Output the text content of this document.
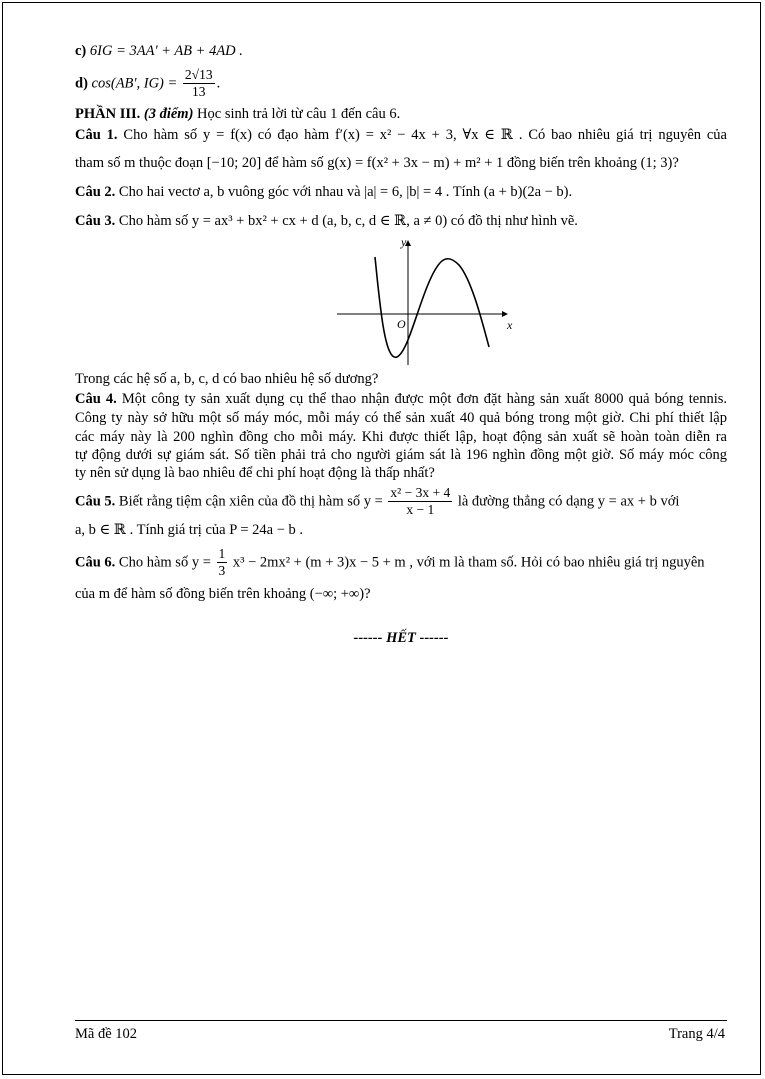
c) 6IG = 3AA' + AB + 4AD .
d) cos(AB', $IG) = \frac{2√13}{13}$ .
PHẦN III. (3 điểm) Học sinh trả lời từ câu 1 đến câu 6.
Câu 1. Cho hàm số y = f(x) có đạo hàm f′(x) = x² − 4x + 3, ∀x ∈ ℝ . Có bao nhiêu giá trị nguyên của
tham số m thuộc đoạn [−10; 20] để hàm số g(x) = f(x² + 3x − m) + m² + 1 đồng biến trên khoảng (1; 3)?
Câu 2. Cho hai vectơ a, b vuông góc với nhau và |a| = 6, |b| = 4 . Tính (a + b)(2a − b).
Câu 3. Cho hàm số y = ax³ + bx² + cx + d (a, b, c, d ∈ ℝ, a ≠ 0) có đồ thị như hình vẽ.
Trong các hệ số a, b, c, d có bao nhiêu hệ số dương?
Câu 4. Một công ty sản xuất dụng cụ thể thao nhận được một đơn đặt hàng sản xuất 8000 quả bóng tennis.
Công ty này sở hữu một số máy móc, mỗi máy có thể sản xuất 40 quả bóng trong một giờ. Chi phí thiết lập
các máy này là 200 nghìn đồng cho mỗi máy. Khi được thiết lập, hoạt động sản xuất sẽ hoàn toàn diễn ra
tự động dưới sự giám sát. Số tiền phải trả cho người giám sát là 196 nghìn đồng một giờ. Số máy móc công
ty nên sử dụng là bao nhiêu để chi phí hoạt động là thấp nhất?
Câu 5. Biết rằng tiệm cận xiên của đồ thị hàm số $y = \frac{\text{x² − 3x + 4}}{x - 1}$ là đường thẳng có dạng y = ax + b với
a, b ∈ ℝ . Tính giá trị của P = 24a − b .
Câu 6. Cho hàm số $y = \frac{1}{3} x^3 - 2mx^2 + (m + 3)x - 5 + m$ , với m là tham số. Hỏi có bao nhiêu giá trị nguyên
của m để hàm số đồng biến trên khoảng (−∞; +∞)?
------ HẾT ------
y
x
O
Mã đề 102	Trang 4/4
